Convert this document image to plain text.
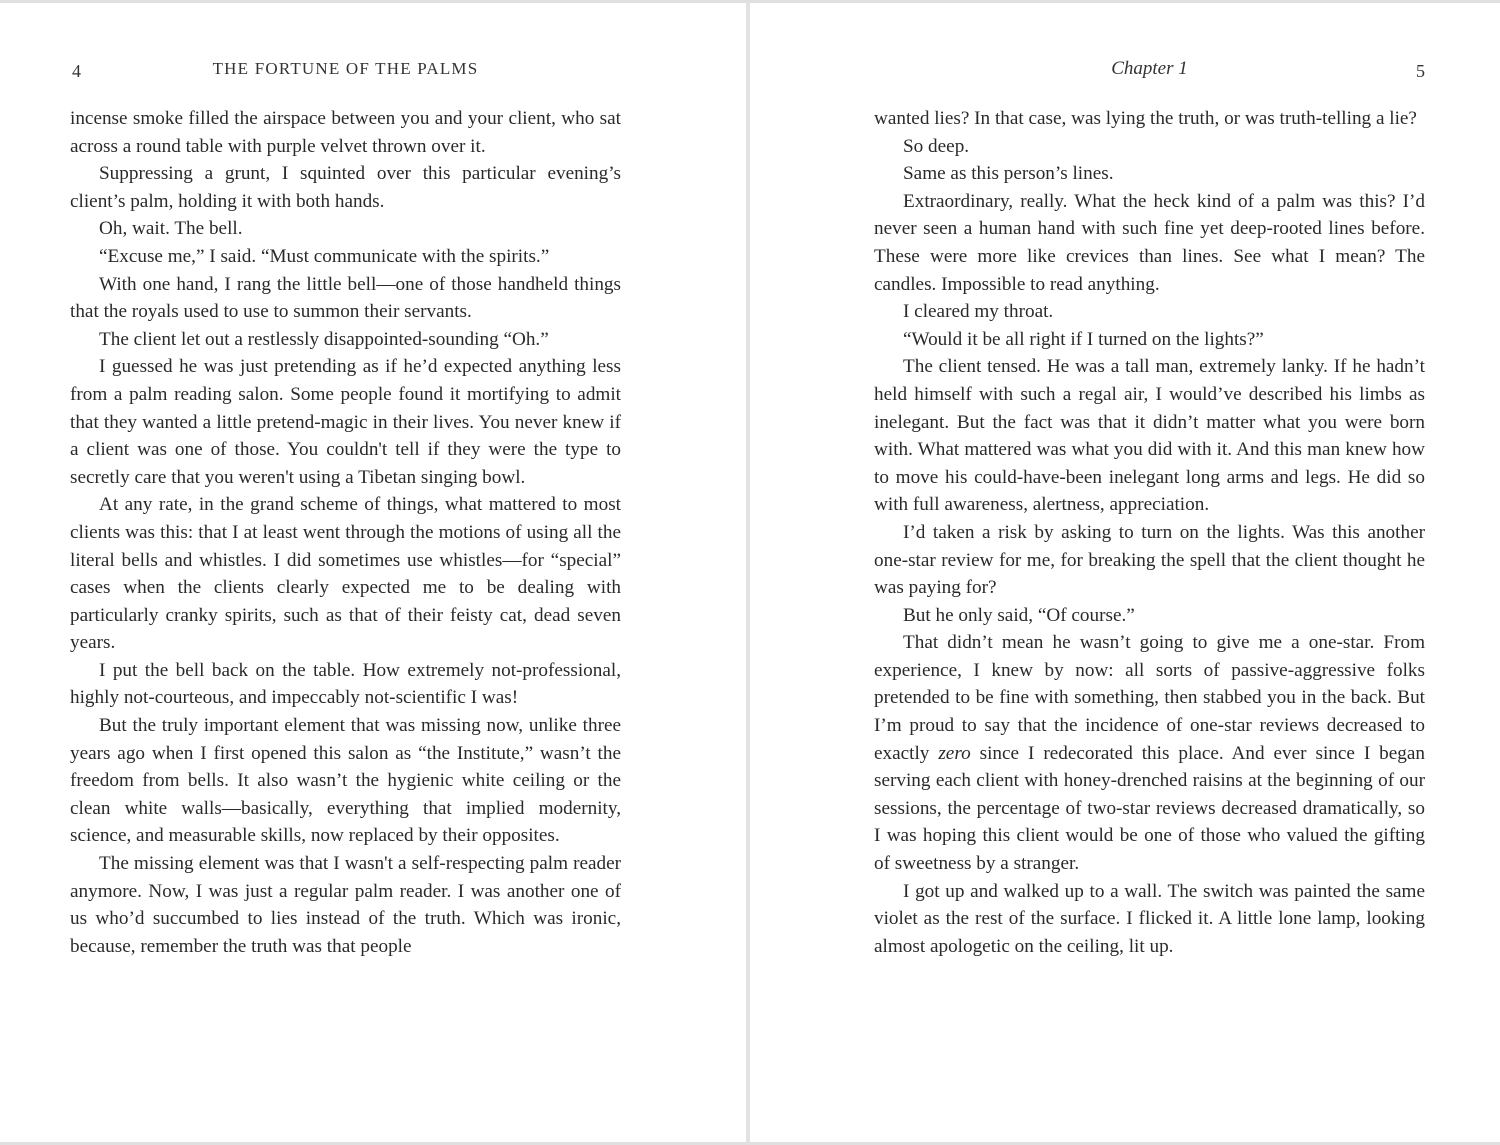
4	THE FORTUNE OF THE PALMS

incense smoke filled the airspace between you and your client, who sat across a round table with purple velvet thrown over it.

Suppressing a grunt, I squinted over this particular evening’s client’s palm, holding it with both hands.

Oh, wait. The bell.

“Excuse me,” I said. “Must communicate with the spirits.”

With one hand, I rang the little bell—one of those handheld things that the royals used to use to summon their servants.

The client let out a restlessly disappointed-sounding “Oh.”

I guessed he was just pretending as if he’d expected anything less from a palm reading salon. Some people found it mortifying to admit that they wanted a little pretend-magic in their lives. You never knew if a client was one of those. You couldn't tell if they were the type to secretly care that you weren't using a Tibetan singing bowl.

At any rate, in the grand scheme of things, what mattered to most clients was this: that I at least went through the motions of using all the literal bells and whistles. I did sometimes use whistles—for “special” cases when the clients clearly expected me to be dealing with particularly cranky spirits, such as that of their feisty cat, dead seven years.

I put the bell back on the table. How extremely not-professional, highly not-courteous, and impeccably not-scientific I was!

But the truly important element that was missing now, unlike three years ago when I first opened this salon as “the Institute,” wasn’t the freedom from bells. It also wasn’t the hygienic white ceiling or the clean white walls—basically, everything that implied modernity, science, and measurable skills, now replaced by their opposites.

The missing element was that I wasn't a self-respecting palm reader anymore. Now, I was just a regular palm reader. I was another one of us who’d succumbed to lies instead of the truth. Which was ironic, because, remember the truth was that people

Chapter 1	5

wanted lies? In that case, was lying the truth, or was truth-telling a lie?

So deep.

Same as this person’s lines.

Extraordinary, really. What the heck kind of a palm was this? I’d never seen a human hand with such fine yet deep-rooted lines before. These were more like crevices than lines. See what I mean? The candles. Impossible to read anything.

I cleared my throat.

“Would it be all right if I turned on the lights?”

The client tensed. He was a tall man, extremely lanky. If he hadn’t held himself with such a regal air, I would’ve described his limbs as inelegant. But the fact was that it didn’t matter what you were born with. What mattered was what you did with it. And this man knew how to move his could-have-been inelegant long arms and legs. He did so with full awareness, alertness, appreciation.

I’d taken a risk by asking to turn on the lights. Was this another one-star review for me, for breaking the spell that the client thought he was paying for?

But he only said, “Of course.”

That didn’t mean he wasn’t going to give me a one-star. From experience, I knew by now: all sorts of passive-aggressive folks pretended to be fine with something, then stabbed you in the back. But I’m proud to say that the incidence of one-star reviews decreased to exactly zero since I redecorated this place. And ever since I began serving each client with honey-drenched raisins at the beginning of our sessions, the percentage of two-star reviews decreased dramatically, so I was hoping this client would be one of those who valued the gifting of sweetness by a stranger.

I got up and walked up to a wall. The switch was painted the same violet as the rest of the surface. I flicked it. A little lone lamp, looking almost apologetic on the ceiling, lit up.
